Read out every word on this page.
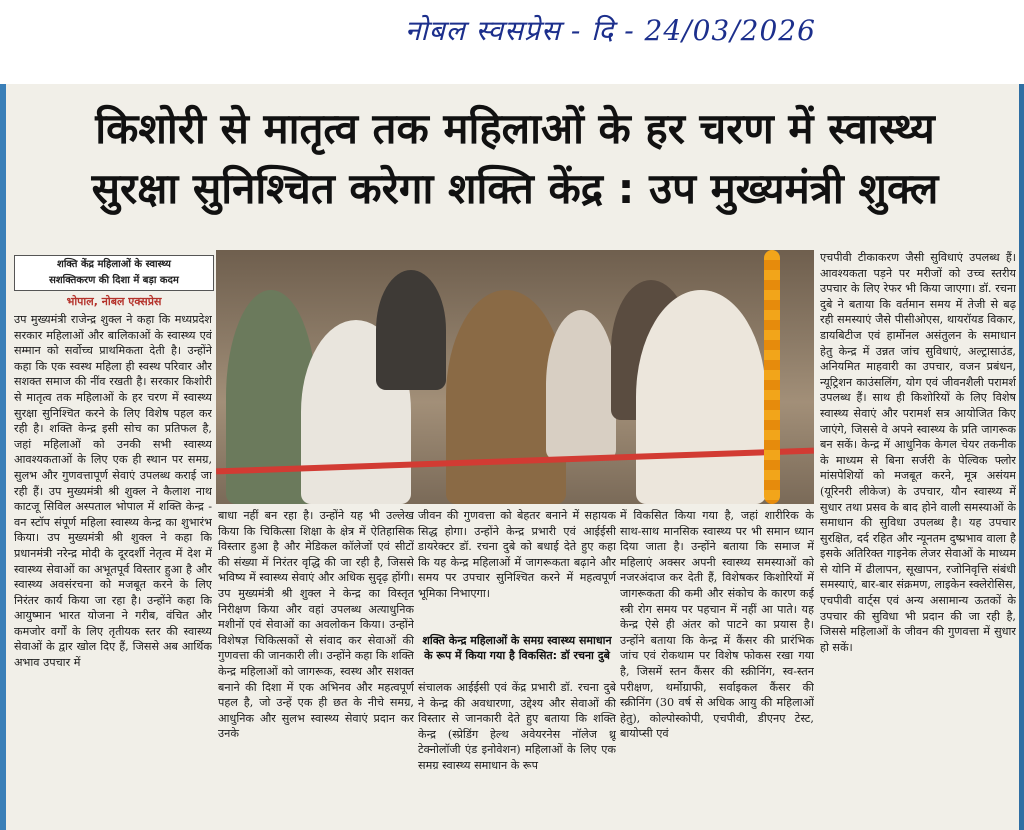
नोबल स्वसप्रेस - दि - 24/03/2026
किशोरी से मातृत्व तक महिलाओं के हर चरण में स्वास्थ्य
सुरक्षा सुनिश्चित करेगा शक्ति केंद्र : उप मुख्यमंत्री शुक्ल
शक्ति केंद्र महिलाओं के स्वास्थ्य
सशक्तिकरण की दिशा में बड़ा कदम
भोपाल, नोबल एक्सप्रेस
उप मुख्यमंत्री राजेन्द्र शुक्ल ने कहा कि मध्यप्रदेश सरकार महिलाओं और बालिकाओं के स्वास्थ्य एवं सम्मान को सर्वोच्च प्राथमिकता देती है। उन्होंने कहा कि एक स्वस्थ महिला ही स्वस्थ परिवार और सशक्त समाज की नींव रखती है। सरकार किशोरी से मातृत्व तक महिलाओं के हर चरण में स्वास्थ्य सुरक्षा सुनिश्चित करने के लिए विशेष पहल कर रही है। शक्ति केन्द्र इसी सोच का प्रतिफल है, जहां महिलाओं को उनकी सभी स्वास्थ्य आवश्यकताओं के लिए एक ही स्थान पर समग्र, सुलभ और गुणवत्तापूर्ण सेवाएं उपलब्ध कराई जा रही हैं। उप मुख्यमंत्री श्री शुक्ल ने कैलाश नाथ काटजू सिविल अस्पताल भोपाल में शक्ति केन्द्र - वन स्टॉप संपूर्ण महिला स्वास्थ्य केन्द्र का शुभारंभ किया। उप मुख्यमंत्री श्री शुक्ल ने कहा कि प्रधानमंत्री नरेन्द्र मोदी के दूरदर्शी नेतृत्व में देश में स्वास्थ्य सेवाओं का अभूतपूर्व विस्तार हुआ है और स्वास्थ्य अवसंरचना को मजबूत करने के लिए निरंतर कार्य किया जा रहा है। उन्होंने कहा कि आयुष्मान भारत योजना ने गरीब, वंचित और कमजोर वर्गों के लिए तृतीयक स्तर की स्वास्थ्य सेवाओं के द्वार खोल दिए हैं, जिससे अब आर्थिक अभाव उपचार में
बाधा नहीं बन रहा है। उन्होंने यह भी उल्लेख किया कि चिकित्सा शिक्षा के क्षेत्र में ऐतिहासिक विस्तार हुआ है और मेडिकल कॉलेजों एवं सीटों की संख्या में निरंतर वृद्धि की जा रही है, जिससे भविष्य में स्वास्थ्य सेवाएं और अधिक सुदृढ़ होंगी। उप मुख्यमंत्री श्री शुक्ल ने केन्द्र का विस्तृत निरीक्षण किया और वहां उपलब्ध अत्याधुनिक मशीनों एवं सेवाओं का अवलोकन किया। उन्होंने विशेषज्ञ चिकित्सकों से संवाद कर सेवाओं की गुणवत्ता की जानकारी ली। उन्होंने कहा कि शक्ति केन्द्र महिलाओं को जागरूक, स्वस्थ और सशक्त बनाने की दिशा में एक अभिनव और महत्वपूर्ण पहल है, जो उन्हें एक ही छत के नीचे समग्र, आधुनिक और सुलभ स्वास्थ्य सेवाएं प्रदान कर उनके
जीवन की गुणवत्ता को बेहतर बनाने में सहायक सिद्ध होगा। उन्होंने केन्द्र प्रभारी एवं आईईसी डायरेक्टर डॉ. रचना दुबे को बधाई देते हुए कहा कि यह केन्द्र महिलाओं में जागरूकता बढ़ाने और समय पर उपचार सुनिश्चित करने में महत्वपूर्ण भूमिका निभाएगा।
शक्ति केन्द्र महिलाओं के समग्र स्वास्थ्य समाधान के रूप में किया गया है विकसित: डॉ रचना दुबे
संचालक आईईसी एवं केंद्र प्रभारी डॉ. रचना दुबे ने केन्द्र की अवधारणा, उद्देश्य और सेवाओं की विस्तार से जानकारी देते हुए बताया कि शक्ति केन्द्र (स्प्रेडिंग हेल्थ अवेयरनेस नॉलेज थ्रू टेक्नोलॉजी एंड इनोवेशन) महिलाओं के लिए एक समग्र स्वास्थ्य समाधान के रूप
में विकसित किया गया है, जहां शारीरिक के साथ-साथ मानसिक स्वास्थ्य पर भी समान ध्यान दिया जाता है। उन्होंने बताया कि समाज में महिलाएं अक्सर अपनी स्वास्थ्य समस्याओं को नजरअंदाज कर देती हैं, विशेषकर किशोरियों में जागरूकता की कमी और संकोच के कारण कई स्त्री रोग समय पर पहचान में नहीं आ पाते। यह केन्द्र ऐसे ही अंतर को पाटने का प्रयास है। उन्होंने बताया कि केन्द्र में कैंसर की प्रारंभिक जांच एवं रोकथाम पर विशेष फोकस रखा गया है, जिसमें स्तन कैंसर की स्क्रीनिंग, स्व-स्तन परीक्षण, थर्मोग्राफी, सर्वाइकल कैंसर की स्क्रीनिंग (30 वर्ष से अधिक आयु की महिलाओं हेतु), कोल्पोस्कोपी, एचपीवी, डीएनए टेस्ट, बायोप्सी एवं
एचपीवी टीकाकरण जैसी सुविधाएं उपलब्ध हैं। आवश्यकता पड़ने पर मरीजों को उच्च स्तरीय उपचार के लिए रेफर भी किया जाएगा। डॉ. रचना दुबे ने बताया कि वर्तमान समय में तेजी से बढ़ रही समस्याएं जैसे पीसीओएस, थायरॉयड विकार, डायबिटीज एवं हार्मोनल असंतुलन के समाधान हेतु केन्द्र में उन्नत जांच सुविधाएं, अल्ट्रासाउंड, अनियमित माहवारी का उपचार, वजन प्रबंधन, न्यूट्रिशन काउंसलिंग, योग एवं जीवनशैली परामर्श उपलब्ध हैं। साथ ही किशोरियों के लिए विशेष स्वास्थ्य सेवाएं और परामर्श सत्र आयोजित किए जाएंगे, जिससे वे अपने स्वास्थ्य के प्रति जागरूक बन सकें। केन्द्र में आधुनिक केगल चेयर तकनीक के माध्यम से बिना सर्जरी के पेल्विक फ्लोर मांसपेशियों को मजबूत करने, मूत्र असंयम (यूरिनरी लीकेज) के उपचार, यौन स्वास्थ्य में सुधार तथा प्रसव के बाद होने वाली समस्याओं के समाधान की सुविधा उपलब्ध है। यह उपचार सुरक्षित, दर्द रहित और न्यूनतम दुष्प्रभाव वाला है इसके अतिरिक्त गाइनेक लेजर सेवाओं के माध्यम से योनि में ढीलापन, सूखापन, रजोनिवृत्ति संबंधी समस्याएं, बार-बार संक्रमण, लाइकेन स्क्लेरोसिस, एचपीवी वार्ट्स एवं अन्य असामान्य ऊतकों के उपचार की सुविधा भी प्रदान की जा रही है, जिससे महिलाओं के जीवन की गुणवत्ता में सुधार हो सकें।
